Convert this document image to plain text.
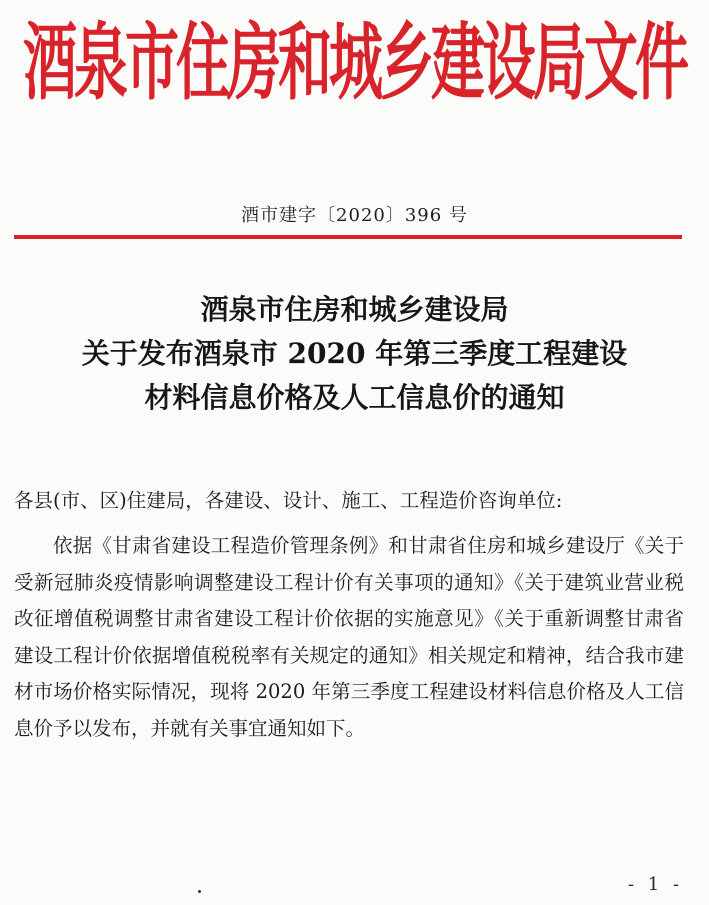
酒泉市住房和城乡建设局文件
酒市建字〔2020〕396 号
酒泉市住房和城乡建设局
关于发布酒泉市 2020 年第三季度工程建设
材料信息价格及人工信息价的通知
各县(市、区)住建局，各建设、设计、施工、工程造价咨询单位:

依据《甘肃省建设工程造价管理条例》和甘肃省住房和城乡建设厅《关于受新冠肺炎疫情影响调整建设工程计价有关事项的通知》《关于建筑业营业税改征增值税调整甘肃省建设工程计价依据的实施意见》《关于重新调整甘肃省建设工程计价依据增值税税率有关规定的通知》相关规定和精神，结合我市建材市场价格实际情况，现将 2020 年第三季度工程建设材料信息价格及人工信息价予以发布，并就有关事宜通知如下。

- 1 -
